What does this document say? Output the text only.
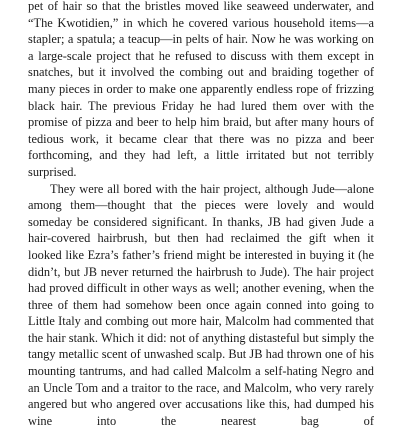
pet of hair so that the bristles moved like seaweed underwater, and “The Kwotidien,” in which he covered various household items—a stapler; a spatula; a teacup—in pelts of hair. Now he was working on a large-scale project that he refused to discuss with them except in snatches, but it involved the combing out and braiding together of many pieces in order to make one apparently endless rope of frizzing black hair. The previous Friday he had lured them over with the promise of pizza and beer to help him braid, but after many hours of tedious work, it became clear that there was no pizza and beer forthcoming, and they had left, a little irritated but not terribly surprised.

They were all bored with the hair project, although Jude—alone among them—thought that the pieces were lovely and would someday be considered significant. In thanks, JB had given Jude a hair-covered hairbrush, but then had reclaimed the gift when it looked like Ezra’s father’s friend might be interested in buying it (he didn’t, but JB never returned the hairbrush to Jude). The hair project had proved difficult in other ways as well; another evening, when the three of them had somehow been once again conned into going to Little Italy and combing out more hair, Malcolm had commented that the hair stank. Which it did: not of anything distasteful but simply the tangy metallic scent of unwashed scalp. But JB had thrown one of his mounting tantrums, and had called Malcolm a self-hating Negro and an Uncle Tom and a traitor to the race, and Malcolm, who very rarely angered but who angered over accusations like this, had dumped his wine into the nearest bag of
